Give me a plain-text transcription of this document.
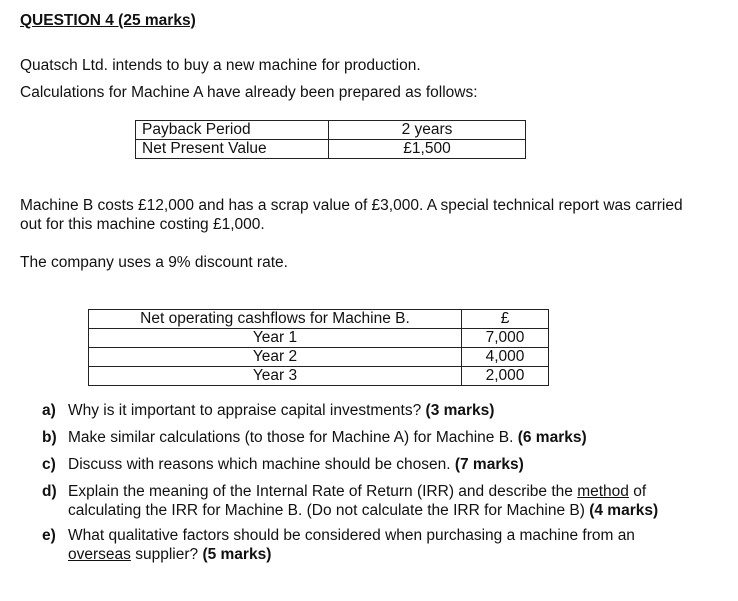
QUESTION 4 (25 marks)
Quatsch Ltd. intends to buy a new machine for production.
Calculations for Machine A have already been prepared as follows:
Payback Period	2 years
Net Present Value	£1,500
Machine B costs £12,000 and has a scrap value of £3,000. A special technical report was carried
out for this machine costing £1,000.
The company uses a 9% discount rate.
Net operating cashflows for Machine B.	£
Year 1	7,000
Year 2	4,000
Year 3	2,000
a) Why is it important to appraise capital investments? (3 marks)
b) Make similar calculations (to those for Machine A) for Machine B. (6 marks)
c) Discuss with reasons which machine should be chosen. (7 marks)
d) Explain the meaning of the Internal Rate of Return (IRR) and describe the method of
calculating the IRR for Machine B. (Do not calculate the IRR for Machine B) (4 marks)
e) What qualitative factors should be considered when purchasing a machine from an
overseas supplier? (5 marks)
